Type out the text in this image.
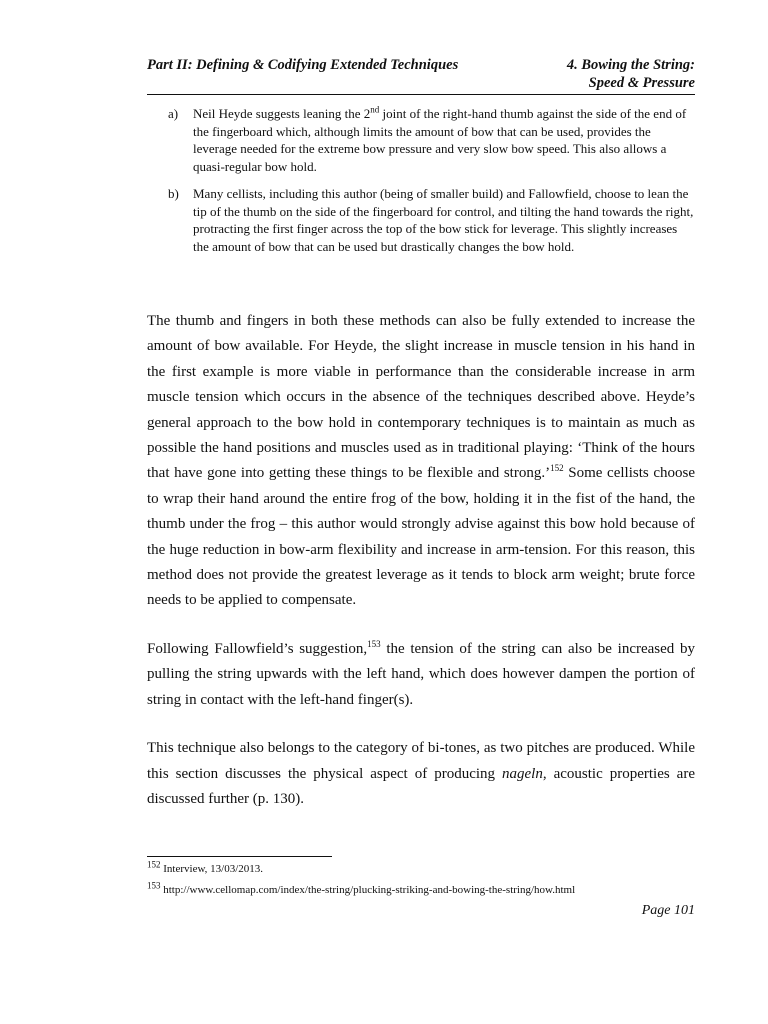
Part II: Defining & Codifying Extended Techniques	4. Bowing the String:
Speed & Pressure
a) Neil Heyde suggests leaning the 2nd joint of the right-hand thumb against the side of the end of the fingerboard which, although limits the amount of bow that can be used, provides the leverage needed for the extreme bow pressure and very slow bow speed. This also allows a quasi-regular bow hold.
b) Many cellists, including this author (being of smaller build) and Fallowfield, choose to lean the tip of the thumb on the side of the fingerboard for control, and tilting the hand towards the right, protracting the first finger across the top of the bow stick for leverage. This slightly increases the amount of bow that can be used but drastically changes the bow hold.

The thumb and fingers in both these methods can also be fully extended to increase the amount of bow available. For Heyde, the slight increase in muscle tension in his hand in the first example is more viable in performance than the considerable increase in arm muscle tension which occurs in the absence of the techniques described above. Heyde’s general approach to the bow hold in contemporary techniques is to maintain as much as possible the hand positions and muscles used as in traditional playing: ‘Think of the hours that have gone into getting these things to be flexible and strong.’$^{152}$ Some cellists choose to wrap their hand around the entire frog of the bow, holding it in the fist of the hand, the thumb under the frog – this author would strongly advise against this bow hold because of the huge reduction in bow-arm flexibility and increase in arm-tension. For this reason, this method does not provide the greatest leverage as it tends to block arm weight; brute force needs to be applied to compensate.

Following Fallowfield’s suggestion,$^{153}$ the tension of the string can also be increased by pulling the string upwards with the left hand, which does however dampen the portion of string in contact with the left-hand finger(s).

This technique also belongs to the category of bi-tones, as two pitches are produced. While this section discusses the physical aspect of producing nageln, acoustic properties are discussed further (p. 130).

$^{152}$ Interview, 13/03/2013.
$^{153}$ http://www.cellomap.com/index/the-string/plucking-striking-and-bowing-the-string/how.html
Page 101
